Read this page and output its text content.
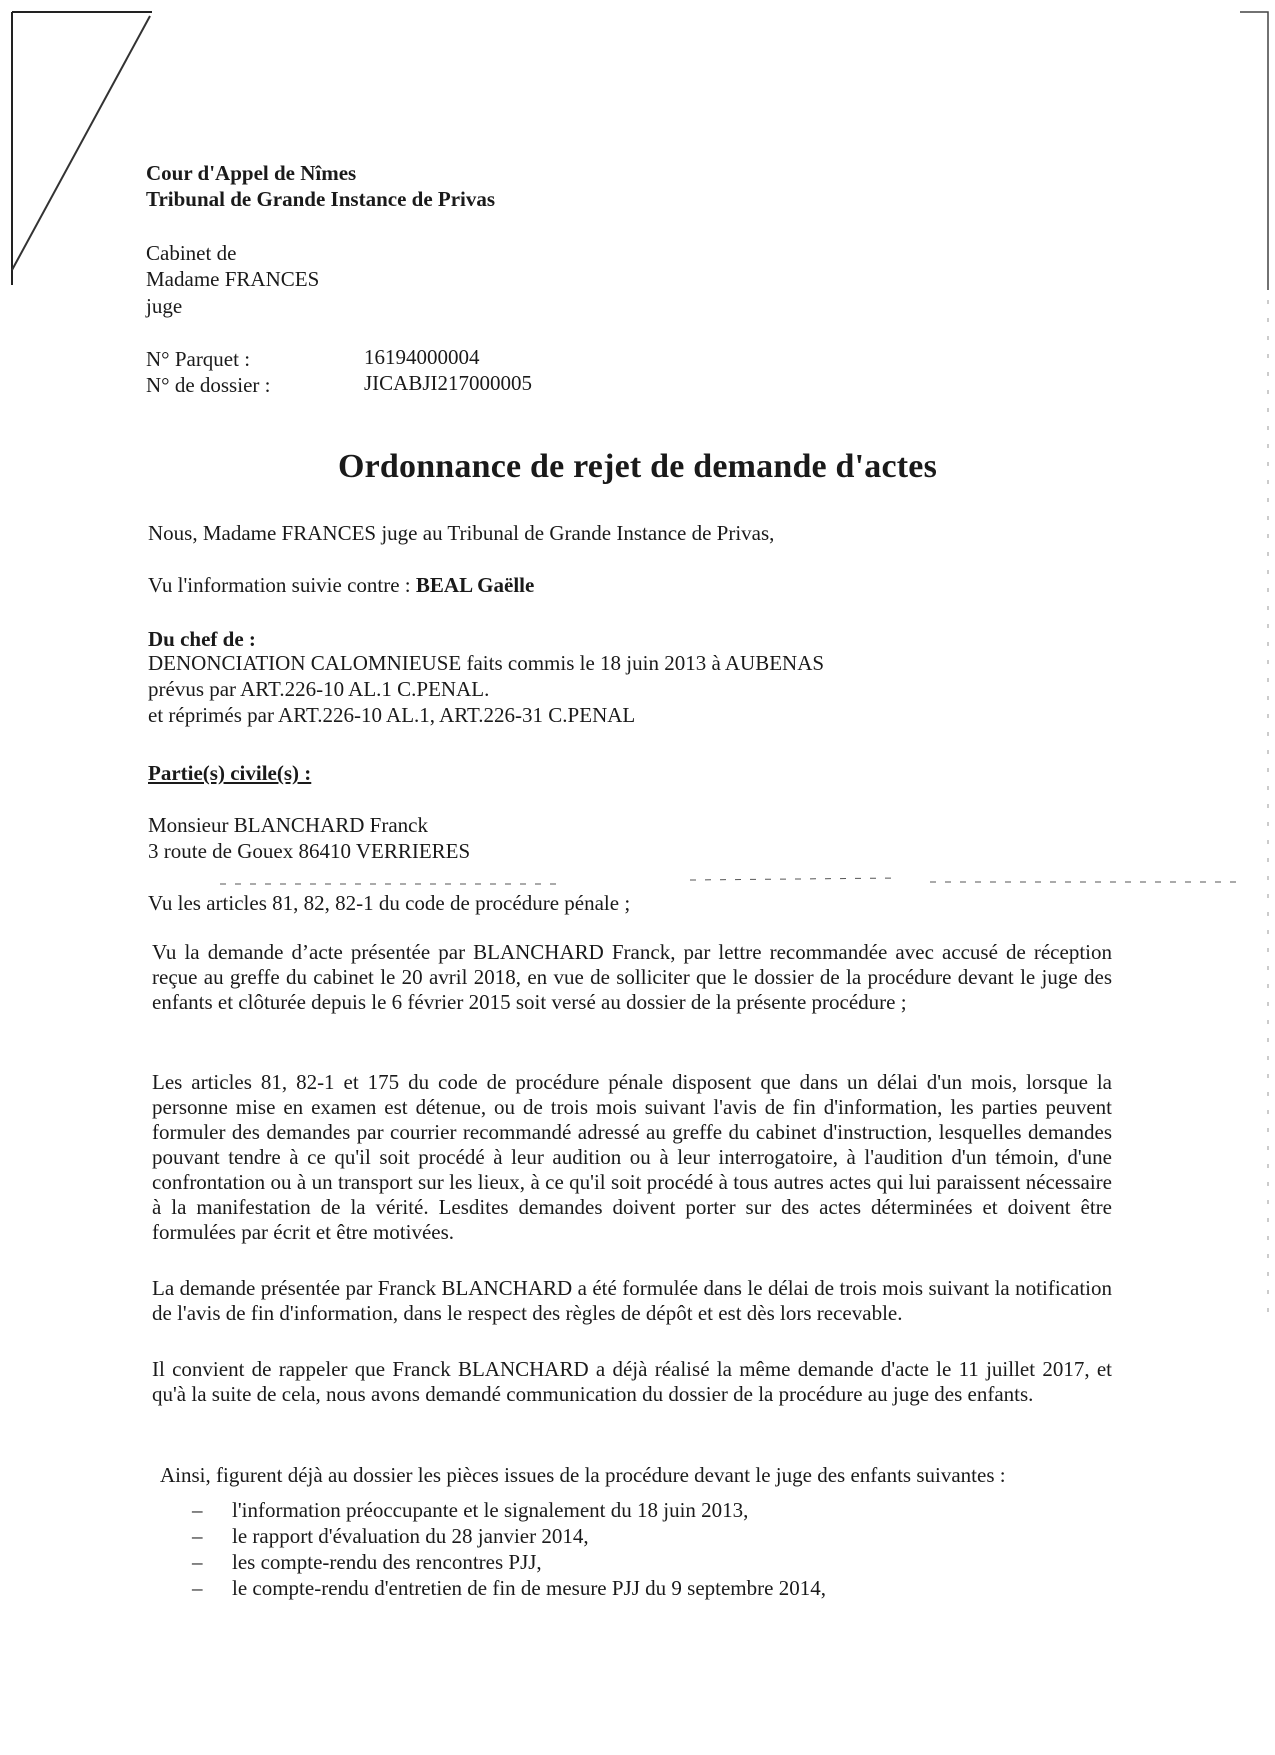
Cour d'Appel de Nîmes
Tribunal de Grande Instance de Privas
Cabinet de
Madame FRANCES
juge
N° Parquet :	16194000004
N° de dossier :	JICABJI217000005
Ordonnance de rejet de demande d'actes
Nous, Madame FRANCES juge au Tribunal de Grande Instance de Privas,
Vu l'information suivie contre : BEAL Gaëlle
Du chef de :
DENONCIATION CALOMNIEUSE faits commis le 18 juin 2013 à AUBENAS
prévus par ART.226-10 AL.1 C.PENAL.
et réprimés par ART.226-10 AL.1, ART.226-31 C.PENAL
Partie(s) civile(s) :
Monsieur BLANCHARD Franck
3 route de Gouex 86410 VERRIERES
Vu les articles 81, 82, 82-1 du code de procédure pénale ;
Vu la demande d’acte présentée par BLANCHARD Franck, par lettre recommandée avec accusé de réception reçue au greffe du cabinet le 20 avril 2018, en vue de solliciter que le dossier de la procédure devant le juge des enfants et clôturée depuis le 6 février 2015 soit versé au dossier de la présente procédure ;
Les articles 81, 82-1 et 175 du code de procédure pénale disposent que dans un délai d'un mois, lorsque la personne mise en examen est détenue, ou de trois mois suivant l'avis de fin d'information, les parties peuvent formuler des demandes par courrier recommandé adressé au greffe du cabinet d'instruction, lesquelles demandes pouvant tendre à ce qu'il soit procédé à leur audition ou à leur interrogatoire, à l'audition d'un témoin, d'une confrontation ou à un transport sur les lieux, à ce qu'il soit procédé à tous autres actes qui lui paraissent nécessaire à la manifestation de la vérité. Lesdites demandes doivent porter sur des actes déterminées et doivent être formulées par écrit et être motivées.
La demande présentée par Franck BLANCHARD a été formulée dans le délai de trois mois suivant la notification de l'avis de fin d'information, dans le respect des règles de dépôt et est dès lors recevable.
Il convient de rappeler que Franck BLANCHARD a déjà réalisé la même demande d'acte le 11 juillet 2017, et qu'à la suite de cela, nous avons demandé communication du dossier de la procédure au juge des enfants.
Ainsi, figurent déjà au dossier les pièces issues de la procédure devant le juge des enfants suivantes :
– l'information préoccupante et le signalement du 18 juin 2013,
– le rapport d'évaluation du 28 janvier 2014,
– les compte-rendu des rencontres PJJ,
– le compte-rendu d'entretien de fin de mesure PJJ du 9 septembre 2014,
